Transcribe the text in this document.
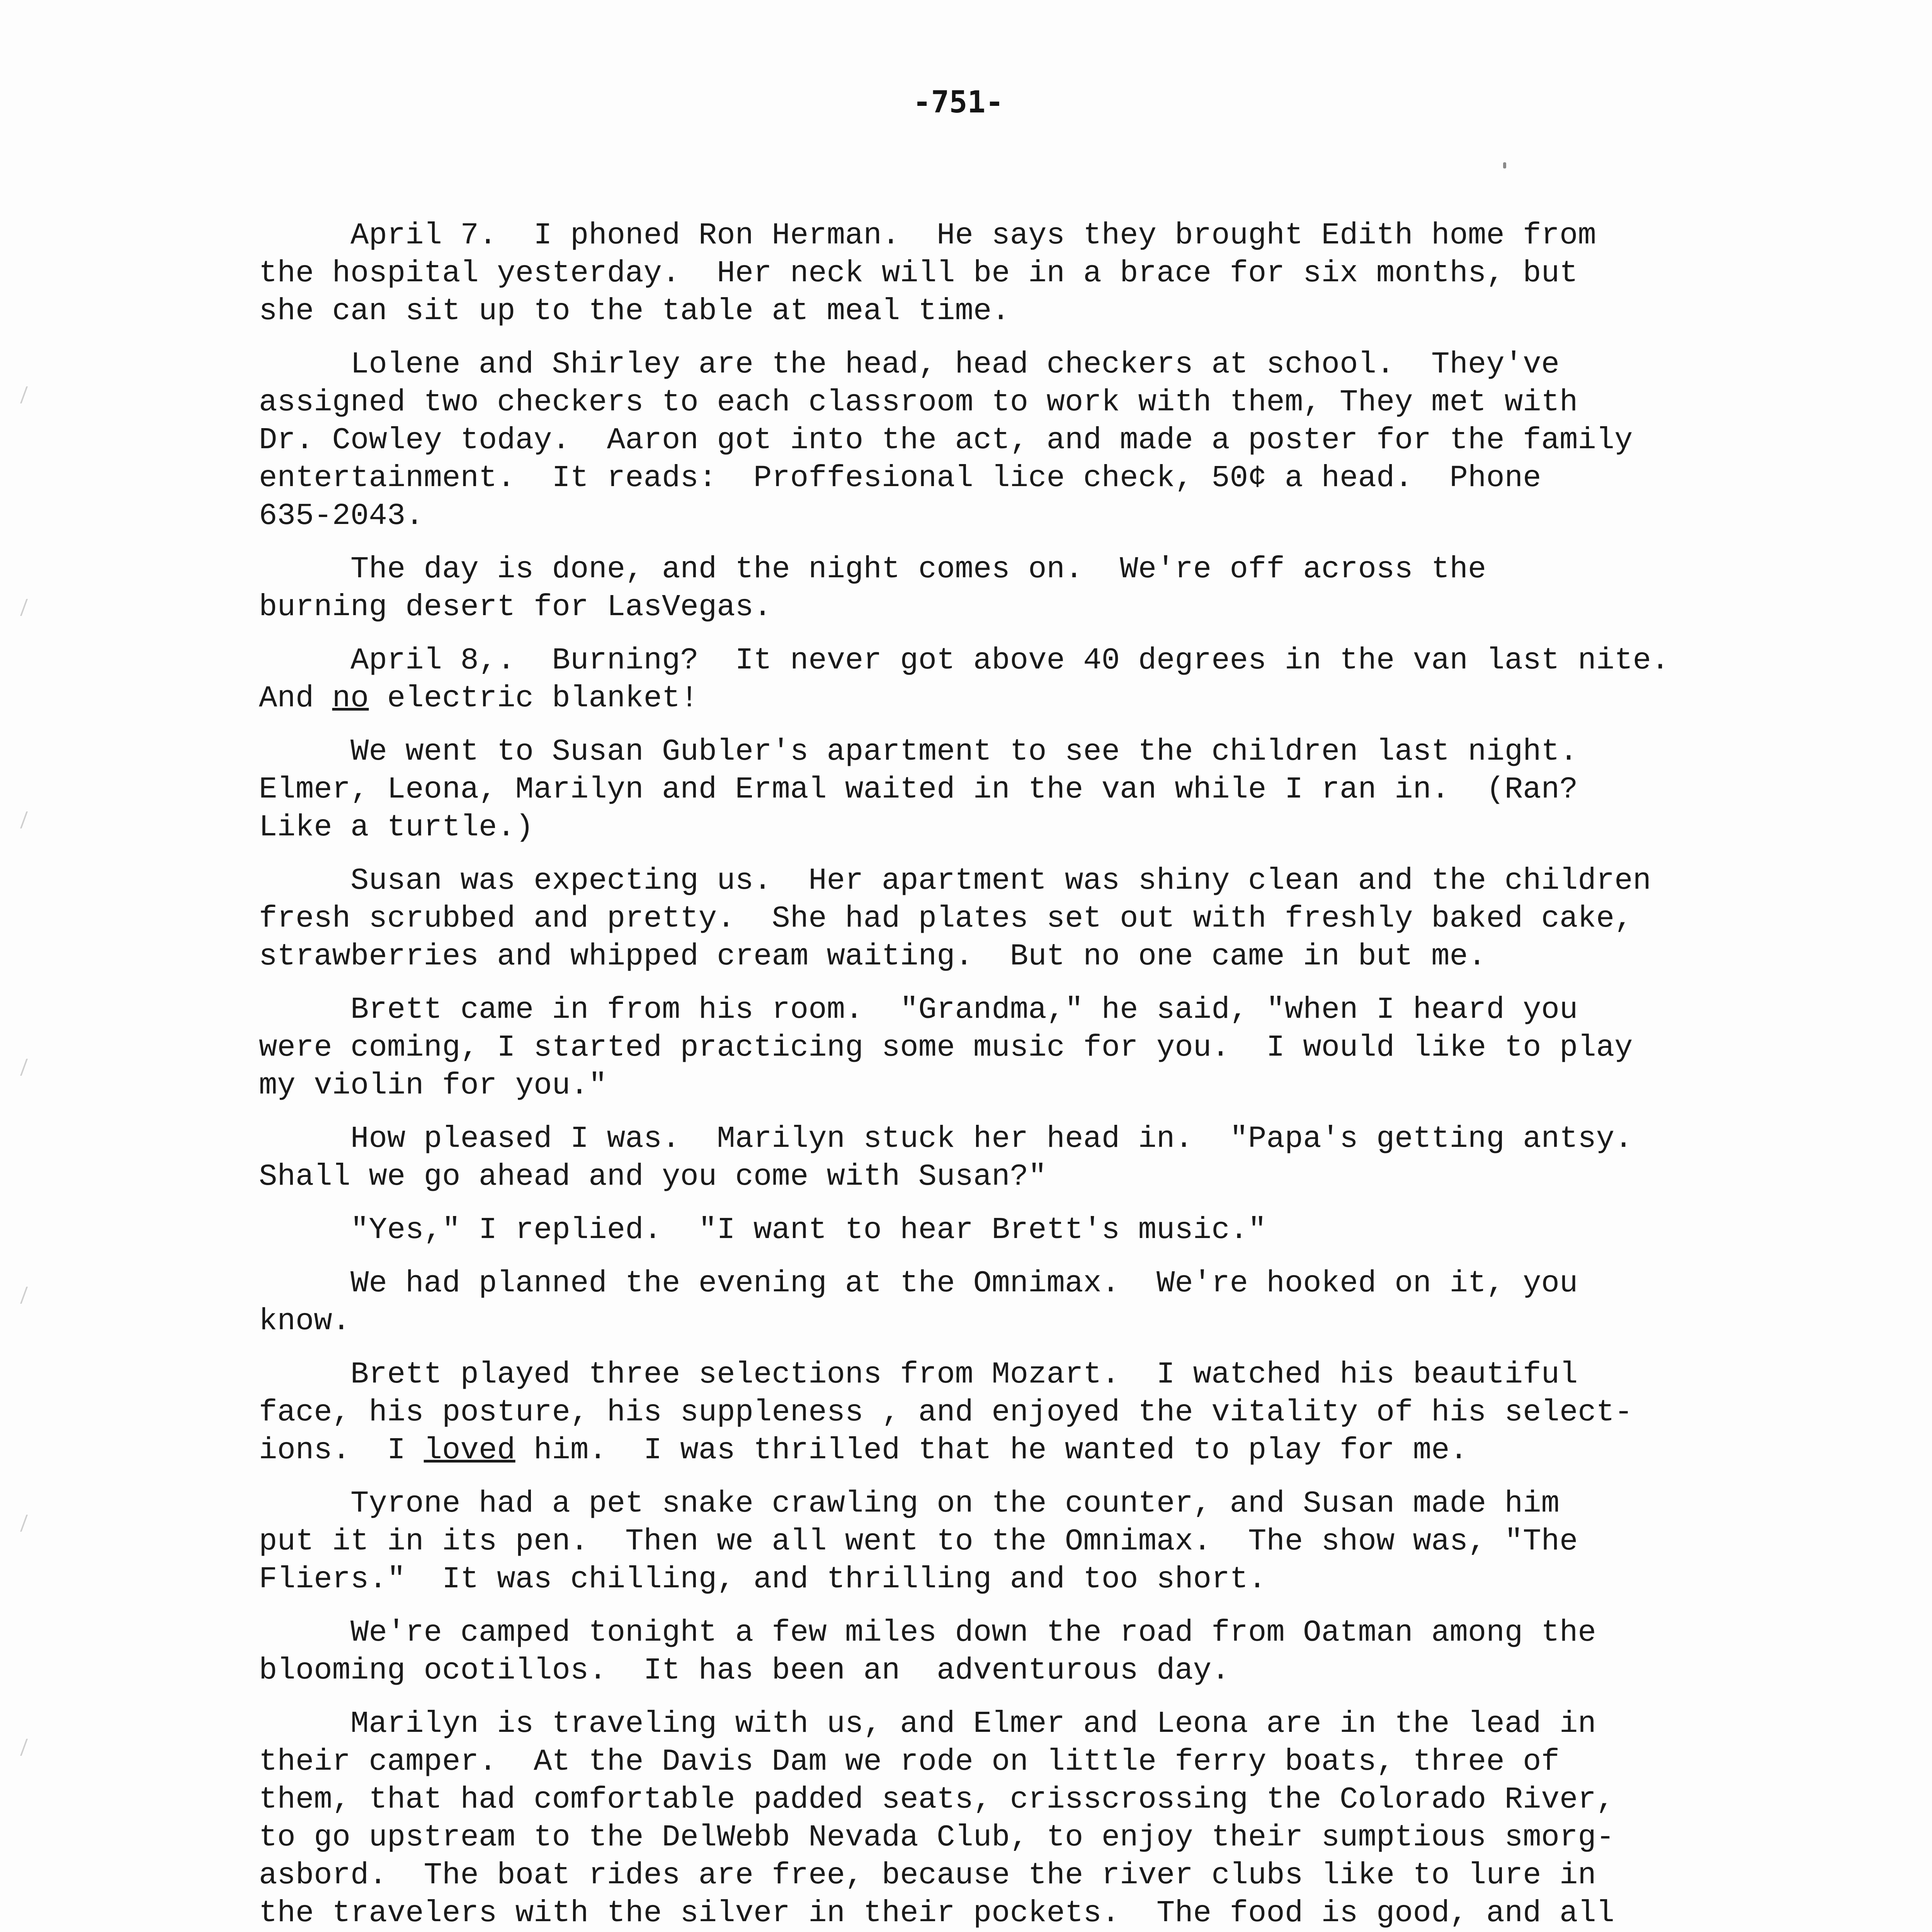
-751-
April 7.  I phoned Ron Herman.  He says they brought Edith home from
the hospital yesterday.  Her neck will be in a brace for six months, but
she can sit up to the table at meal time.
Lolene and Shirley are the head, head checkers at school.  They've
assigned two checkers to each classroom to work with them, They met with
Dr. Cowley today.  Aaron got into the act, and made a poster for the family
entertainment.  It reads:  Proffesional lice check, 50¢ a head.  Phone
635-2043.
The day is done, and the night comes on.  We're off across the
burning desert for LasVegas.
April 8,.  Burning?  It never got above 40 degrees in the van last nite.
And no electric blanket!
We went to Susan Gubler's apartment to see the children last night.
Elmer, Leona, Marilyn and Ermal waited in the van while I ran in.  (Ran?
Like a turtle.)
Susan was expecting us.  Her apartment was shiny clean and the children
fresh scrubbed and pretty.  She had plates set out with freshly baked cake,
strawberries and whipped cream waiting.  But no one came in but me.
Brett came in from his room.  "Grandma," he said, "when I heard you
were coming, I started practicing some music for you.  I would like to play
my violin for you."
How pleased I was.  Marilyn stuck her head in.  "Papa's getting antsy.
Shall we go ahead and you come with Susan?"
"Yes," I replied.  "I want to hear Brett's music."
We had planned the evening at the Omnimax.  We're hooked on it, you
know.
Brett played three selections from Mozart.  I watched his beautiful
face, his posture, his suppleness , and enjoyed the vitality of his select-
ions.  I loved him.  I was thrilled that he wanted to play for me.
Tyrone had a pet snake crawling on the counter, and Susan made him
put it in its pen.  Then we all went to the Omnimax.  The show was, "The
Fliers."  It was chilling, and thrilling and too short.
We're camped tonight a few miles down the road from Oatman among the
blooming ocotillos.  It has been an  adventurous day.
Marilyn is traveling with us, and Elmer and Leona are in the lead in
their camper.  At the Davis Dam we rode on little ferry boats, three of
them, that had comfortable padded seats, crisscrossing the Colorado River,
to go upstream to the DelWebb Nevada Club, to enjoy their sumptious smorg-
asbord.  The boat rides are free, because the river clubs like to lure in
the travelers with the silver in their pockets.  The food is good, and all
